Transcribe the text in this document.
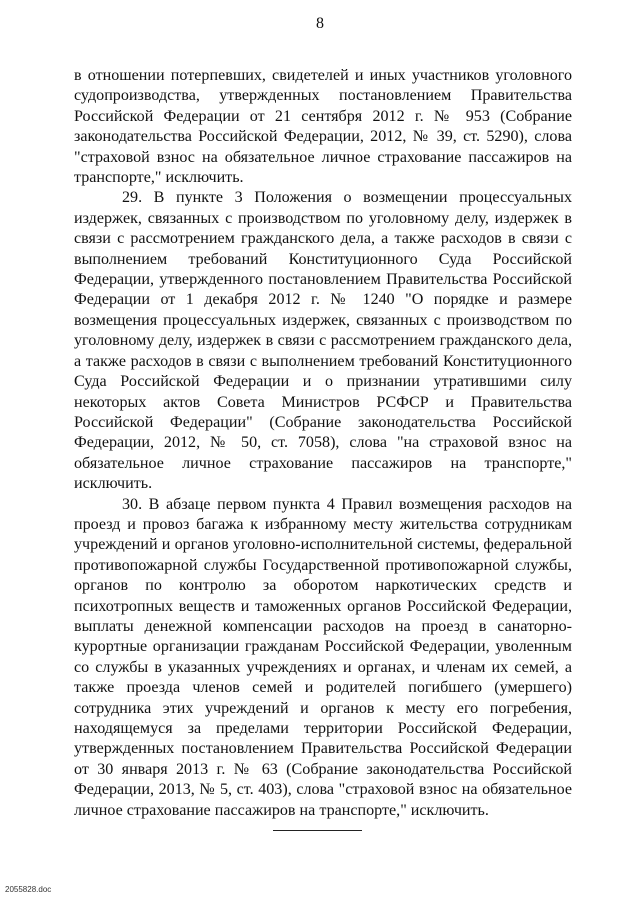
8

в отношении потерпевших, свидетелей и иных участников уголовного судопроизводства, утвержденных постановлением Правительства Российской Федерации от 21 сентября 2012 г. № 953 (Собрание законодательства Российской Федерации, 2012, № 39, ст. 5290), слова "страховой взнос на обязательное личное страхование пассажиров на транспорте," исключить.

29. В пункте 3 Положения о возмещении процессуальных издержек, связанных с производством по уголовному делу, издержек в связи с рассмотрением гражданского дела, а также расходов в связи с выполнением требований Конституционного Суда Российской Федерации, утвержденного постановлением Правительства Российской Федерации от 1 декабря 2012 г. № 1240 "О порядке и размере возмещения процессуальных издержек, связанных с производством по уголовному делу, издержек в связи с рассмотрением гражданского дела, а также расходов в связи с выполнением требований Конституционного Суда Российской Федерации и о признании утратившими силу некоторых актов Совета Министров РСФСР и Правительства Российской Федерации" (Собрание законодательства Российской Федерации, 2012, № 50, ст. 7058), слова "на страховой взнос на обязательное личное страхование пассажиров на транспорте," исключить.

30. В абзаце первом пункта 4 Правил возмещения расходов на проезд и провоз багажа к избранному месту жительства сотрудникам учреждений и органов уголовно-исполнительной системы, федеральной противопожарной службы Государственной противопожарной службы, органов по контролю за оборотом наркотических средств и психотропных веществ и таможенных органов Российской Федерации, выплаты денежной компенсации расходов на проезд в санаторно-курортные организации гражданам Российской Федерации, уволенным со службы в указанных учреждениях и органах, и членам их семей, а также проезда членов семей и родителей погибшего (умершего) сотрудника этих учреждений и органов к месту его погребения, находящемуся за пределами территории Российской Федерации, утвержденных постановлением Правительства Российской Федерации от 30 января 2013 г. № 63 (Собрание законодательства Российской Федерации, 2013, № 5, ст. 403), слова "страховой взнос на обязательное личное страхование пассажиров на транспорте," исключить.

2055828.doc
